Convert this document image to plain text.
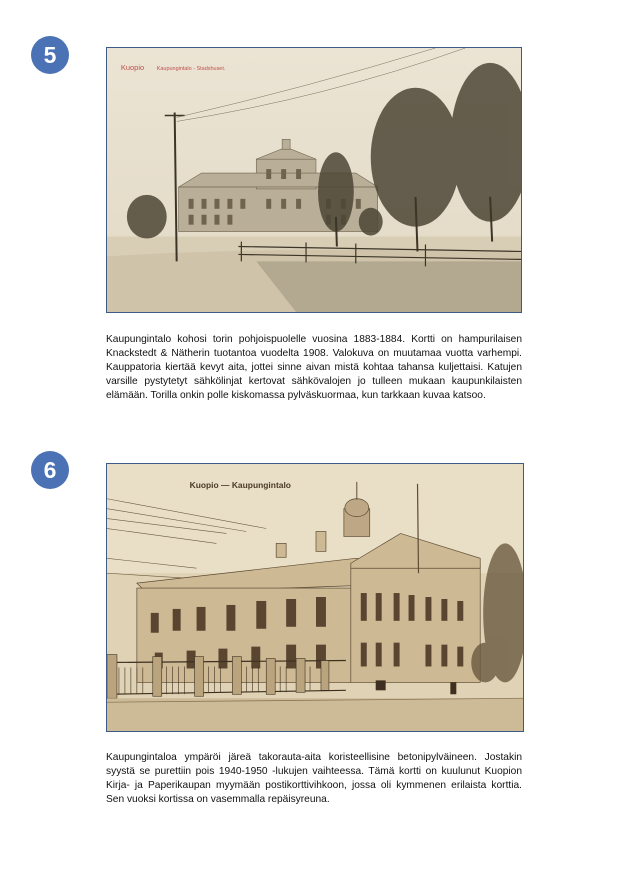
5	Kuopio Kaupungintalo - Stadshuset.
Kaupungintalo kohosi torin pohjoispuolelle vuosina 1883-1884. Kortti on hampurilaisen Knackstedt & Nätherin tuotantoa vuodelta 1908. Valokuva on muutamaa vuotta varhempi. Kauppatoria kiertää kevyt aita, jottei sinne aivan mistä kohtaa tahansa kuljettaisi. Katujen varsille pystytetyt sähkölinjat kertovat sähkövalojen jo tulleen mukaan kaupunkilaisten elämään. Torilla onkin polle kiskomassa pylväskuormaa, kun tarkkaan kuvaa katsoo.
6
Kuopio — Kaupungintalo
Kaupungintaloa ympäröi järeä takorauta-aita koristeellisine betonipylväineen. Jostakin syystä se purettiin pois 1940-1950 -lukujen vaihteessa. Tämä kortti on kuulunut Kuopion Kirja- ja Paperikaupan myymään postikorttivihkoon, jossa oli kymmenen erilaista korttia. Sen vuoksi kortissa on vasemmalla repäisyreuna.
